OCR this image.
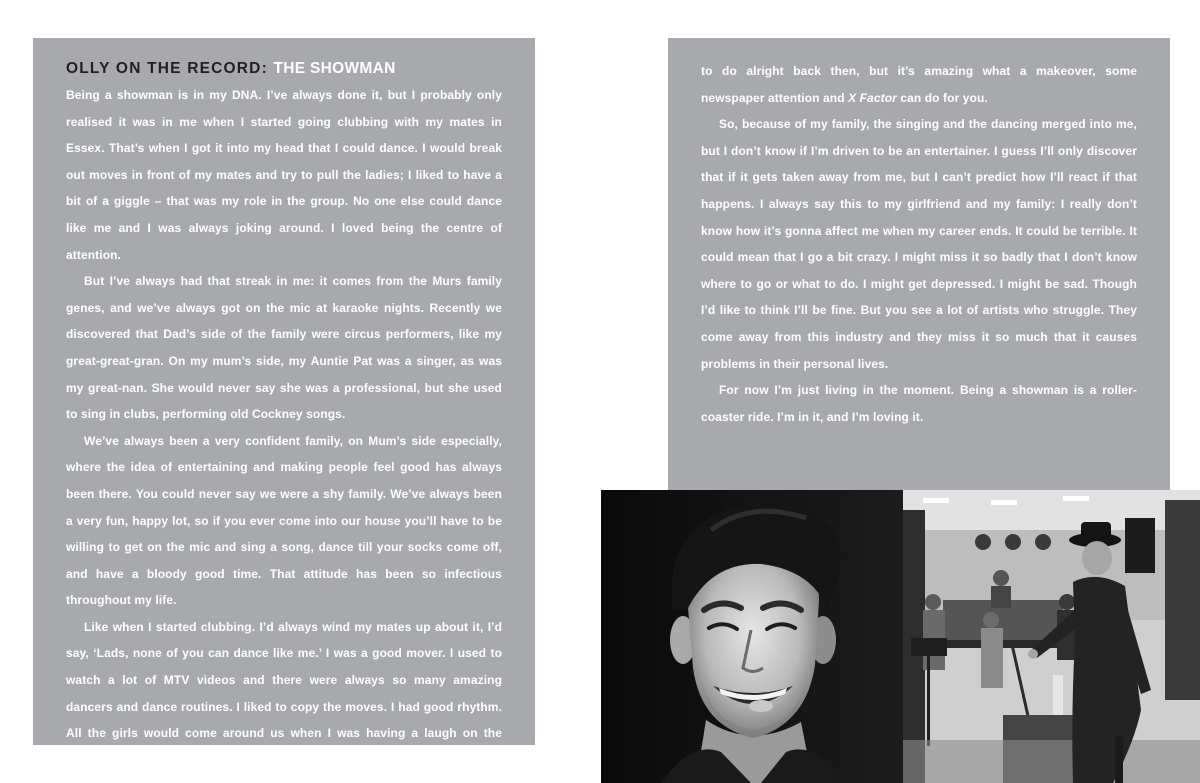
OLLY ON THE RECORD: THE SHOWMAN

Being a showman is in my DNA. I’ve always done it, but I probably only realised it was in me when I started going clubbing with my mates in Essex. That’s when I got it into my head that I could dance. I would break out moves in front of my mates and try to pull the ladies; I liked to have a bit of a giggle – that was my role in the group. No one else could dance like me and I was always joking around. I loved being the centre of attention.

But I’ve always had that streak in me: it comes from the Murs family genes, and we’ve always got on the mic at karaoke nights. Recently we discovered that Dad’s side of the family were circus performers, like my great-great-gran. On my mum’s side, my Auntie Pat was a singer, as was my great-nan. She would never say she was a professional, but she used to sing in clubs, performing old Cockney songs.

We’ve always been a very confident family, on Mum’s side especially, where the idea of entertaining and making people feel good has always been there. You could never say we were a shy family. We’ve always been a very fun, happy lot, so if you ever come into our house you’ll have to be willing to get on the mic and sing a song, dance till your socks come off, and have a bloody good time. That attitude has been so infectious throughout my life.

Like when I started clubbing. I’d always wind my mates up about it, I’d say, ‘Lads, none of you can dance like me.’ I was a good mover. I used to watch a lot of MTV videos and there were always so many amazing dancers and dance routines. I liked to copy the moves. I had good rhythm. All the girls would come around us when I was having a laugh on the dance floor. Yeah, I used

to do alright back then, but it’s amazing what a makeover, some newspaper attention and X Factor can do for you.

So, because of my family, the singing and the dancing merged into me, but I don’t know if I’m driven to be an entertainer. I guess I’ll only discover that if it gets taken away from me, but I can’t predict how I’ll react if that happens. I always say this to my girlfriend and my family: I really don’t know how it’s gonna affect me when my career ends. It could be terrible. It could mean that I go a bit crazy. I might miss it so badly that I don’t know where to go or what to do. I might get depressed. I might be sad. Though I’d like to think I’ll be fine. But you see a lot of artists who struggle. They come away from this industry and they miss it so much that it causes problems in their personal lives.

For now I’m just living in the moment. Being a showman is a roller-coaster ride. I’m in it, and I’m loving it.
